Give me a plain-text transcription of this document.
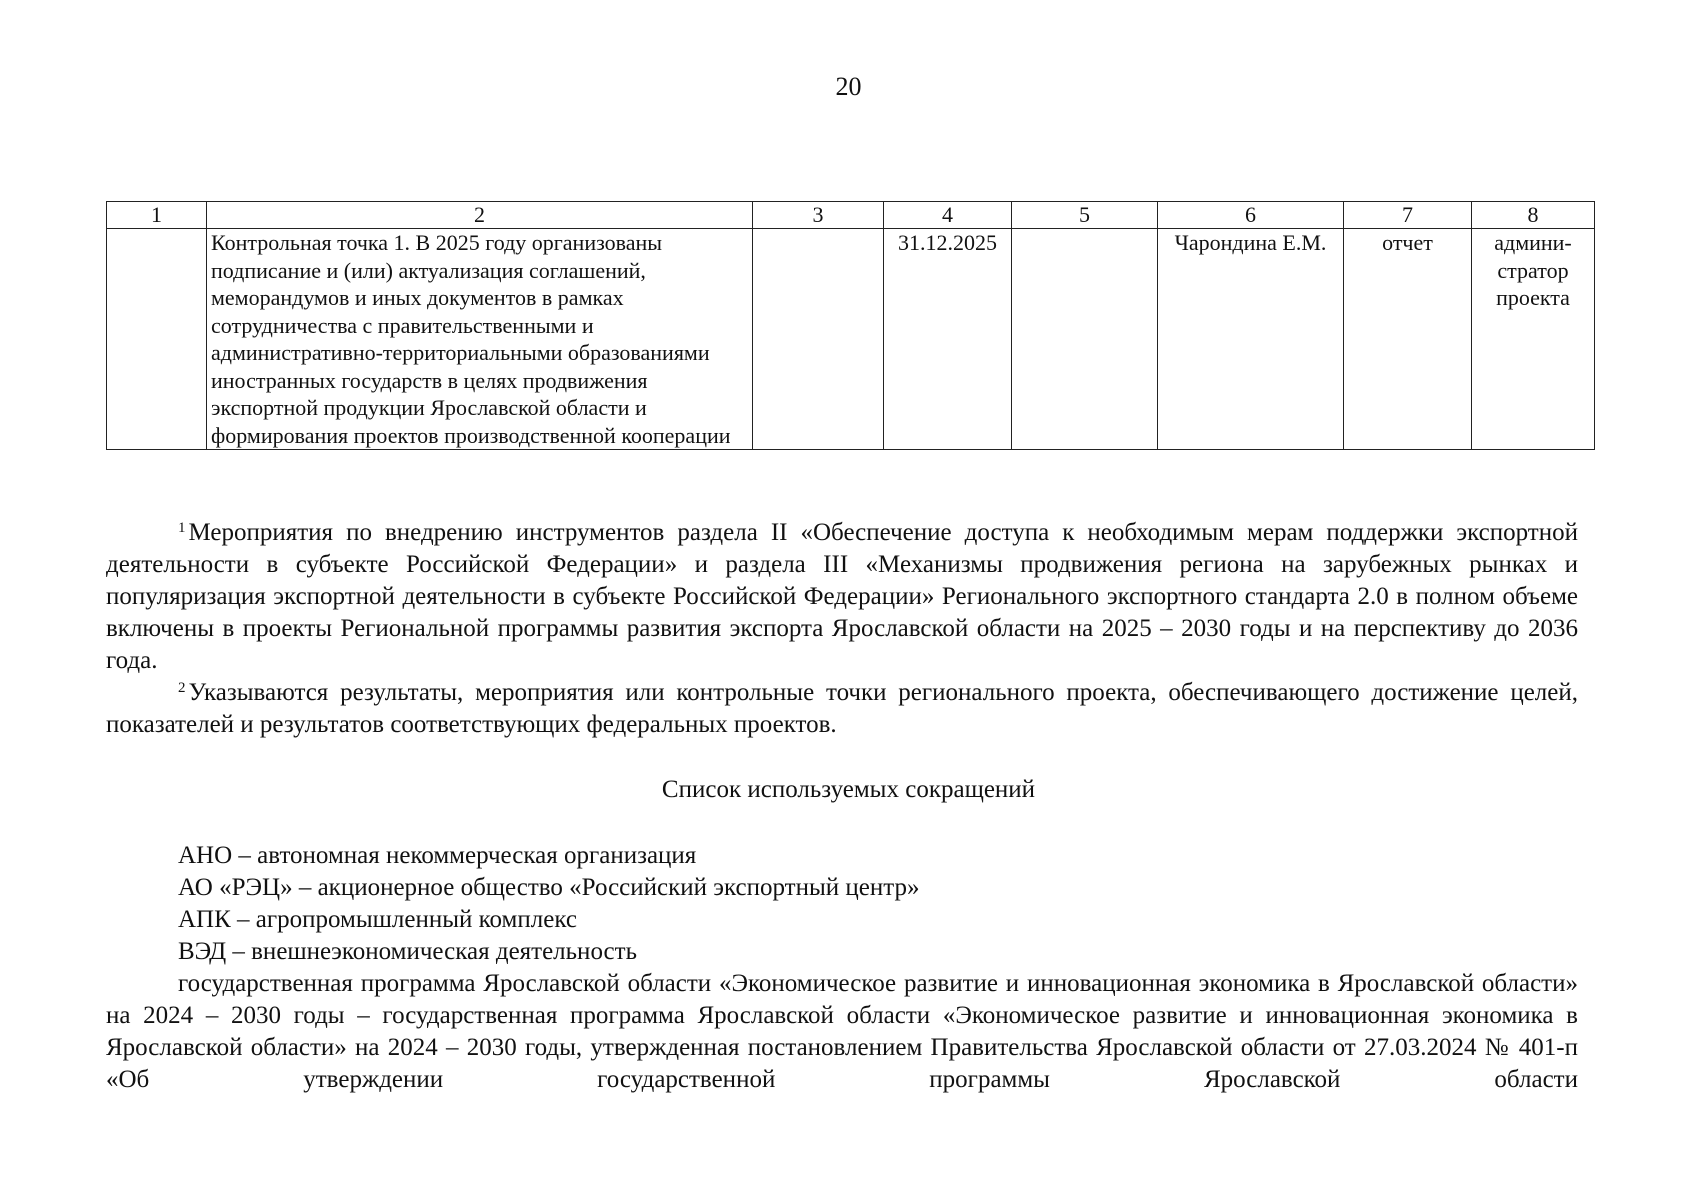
20
1	2	3	4	5	6	7	8
	Контрольная точка 1. В 2025 году организованы подписание и (или) актуализация соглашений, меморандумов и иных документов в рамках сотрудничества с правительственными и административно-территориальными образованиями иностранных государств в целях продвижения экспортной продукции Ярославской области и формирования проектов производственной кооперации		31.12.2025		Чарондина Е.М.	отчет	админи-стратор проекта

$^1$ Мероприятия по внедрению инструментов раздела II «Обеспечение доступа к необходимым мерам поддержки экспортной деятельности в субъекте Российской Федерации» и раздела III «Механизмы продвижения региона на зарубежных рынках и популяризация экспортной деятельности в субъекте Российской Федерации» Регионального экспортного стандарта 2.0 в полном объеме включены в проекты Региональной программы развития экспорта Ярославской области на 2025 – 2030 годы и на перспективу до 2036 года.

$^2$ Указываются результаты, мероприятия или контрольные точки регионального проекта, обеспечивающего достижение целей, показателей и результатов соответствующих федеральных проектов.

Список используемых сокращений

АНО – автономная некоммерческая организация

АО «РЭЦ» – акционерное общество «Российский экспортный центр»

АПК – агропромышленный комплекс

ВЭД – внешнеэкономическая деятельность

государственная программа Ярославской области «Экономическое развитие и инновационная экономика в Ярославской области» на 2024 – 2030 годы – государственная программа Ярославской области «Экономическое развитие и инновационная экономика в Ярославской области» на 2024 – 2030 годы, утвержденная постановлением Правительства Ярославской области от 27.03.2024 № 401-п «Об утверждении государственной программы Ярославской области
